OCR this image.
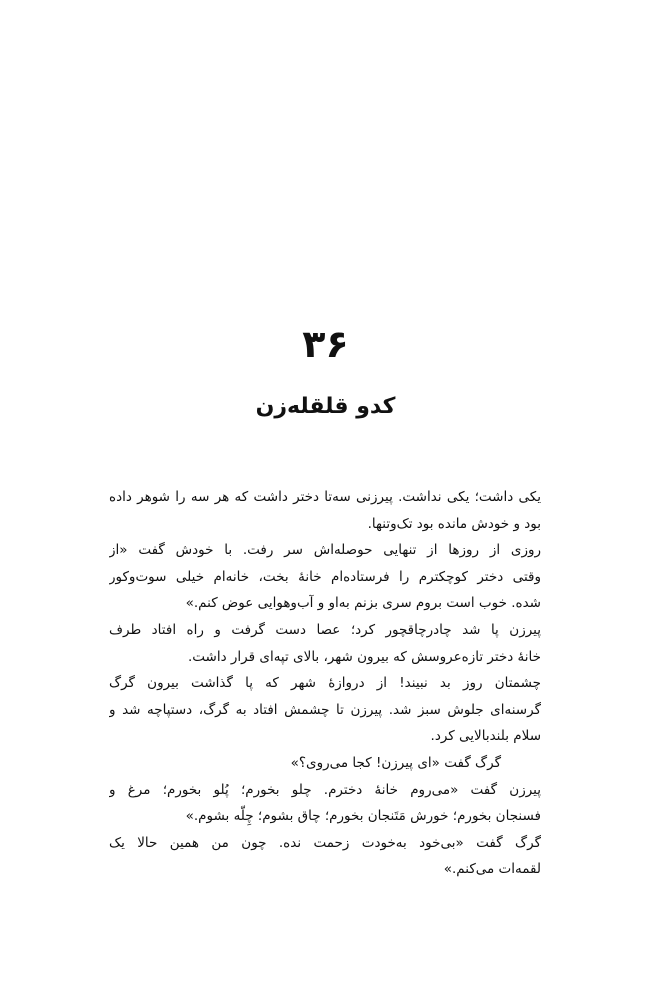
۳۶
کدو قلقله‌زن
یکی داشت؛ یکی نداشت. پیرزنی سه‌تا دختر داشت که هر سه را شوهر داده
بود و خودش مانده بود تک‌وتنها.
روزی از روزها از تنهایی حوصله‌اش سر رفت. با خودش گفت «از
وقتی دختر کوچکترم را فرستاده‌ام خانهٔ بخت، خانه‌ام خیلی سوت‌وکور
شده. خوب است بروم سری بزنم به‌او و آب‌وهوایی عوض کنم.»
پیرزن پا شد چادرچاقچور کرد؛ عصا دست گرفت و راه افتاد طرف
خانهٔ دختر تازه‌عروسش که بیرون شهر، بالای تپه‌ای قرار داشت.
چشمتان روز بد نبیند! از دروازهٔ شهر که پا گذاشت بیرون گرگ
گرسنه‌ای جلوش سبز شد. پیرزن تا چشمش افتاد به گرگ، دستپاچه شد و
سلام بلندبالایی کرد.
گرگ گفت «ای پیرزن! کجا می‌روی؟»
پیرزن گفت «می‌روم خانهٔ دخترم. چلو بخورم؛ پُلو بخورم؛ مرغ و
فسنجان بخورم؛ خورش مَتَنجان بخورم؛ چاق بشوم؛ چِلّه بشوم.»
گرگ گفت «بی‌خود به‌خودت زحمت نده. چون من همین حالا یک
لقمه‌ات می‌کنم.»
